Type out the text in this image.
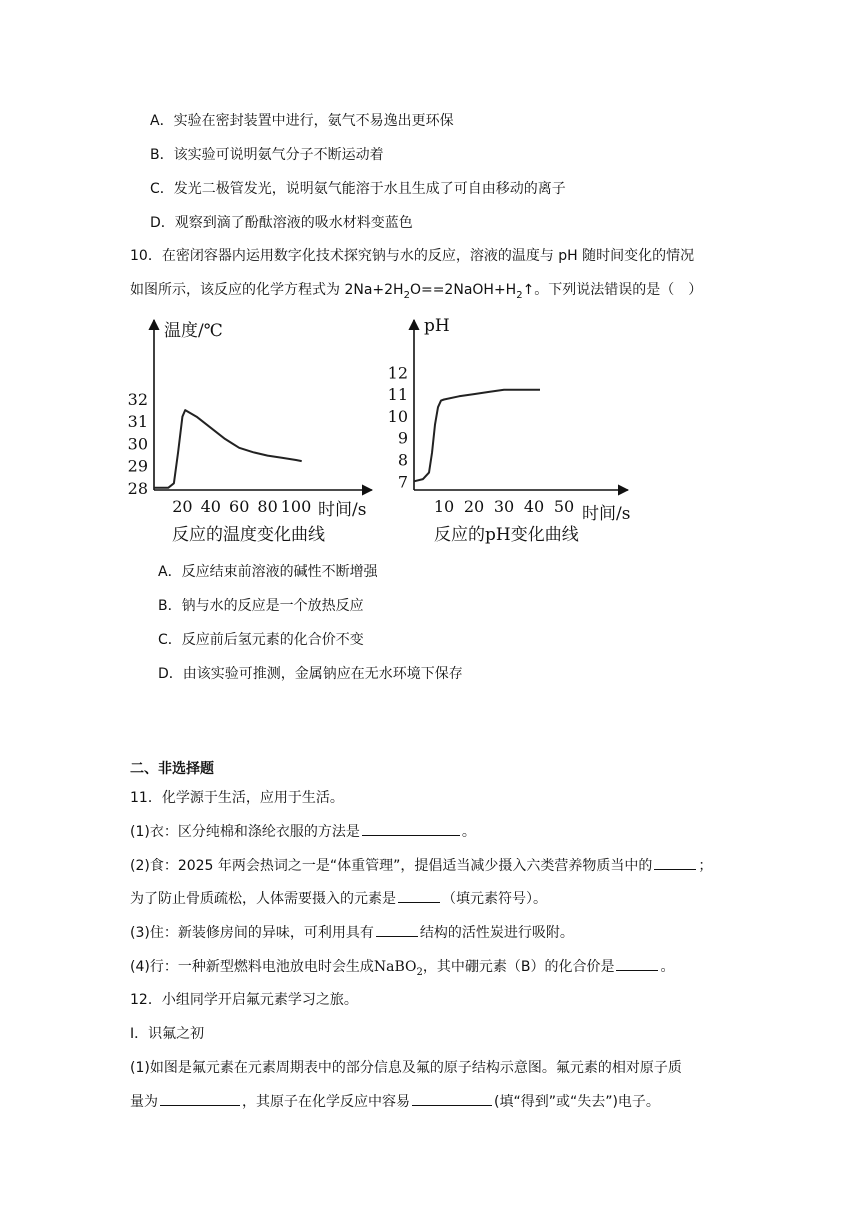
A．实验在密封装置中进行，氨气不易逸出更环保
B．该实验可说明氨气分子不断运动着
C．发光二极管发光，说明氨气能溶于水且生成了可自由移动的离子
D．观察到滴了酚酞溶液的吸水材料变蓝色
10．在密闭容器内运用数字化技术探究钠与水的反应，溶液的温度与 pH 随时间变化的情况
如图所示，该反应的化学方程式为 $2Na+2H_2O==2NaOH+H_2↑$。下列说法错误的是（　）
温度/℃
时间/s
反应的温度变化曲线
20 40 60 80 100
28
29
30
31
32
pH
时间/s
反应的pH变化曲线
10 20 30 40 50
7
8
9
10
11
12
A．反应结束前溶液的碱性不断增强
B．钠与水的反应是一个放热反应
C．反应前后氢元素的化合价不变
D．由该实验可推测，金属钠应在无水环境下保存
二、非选择题
11．化学源于生活，应用于生活。
(1)衣：区分纯棉和涤纶衣服的方法是	。
(2)食：2025 年两会热词之一是“体重管理”，提倡适当减少摄入六类营养物质当中的	；
为了防止骨质疏松，人体需要摄入的元素是	（填元素符号）。
(3)住：新装修房间的异味，可利用具有	结构的活性炭进行吸附。
(4)行：一种新型燃料电池放电时会生成NaBO$_2$，其中硼元素（B）的化合价是	。
12．小组同学开启氟元素学习之旅。
I．识氟之初
(1)如图是氟元素在元素周期表中的部分信息及氟的原子结构示意图。氟元素的相对原子质
量为	，其原子在化学反应中容易	(填“得到”或“失去”)电子。
